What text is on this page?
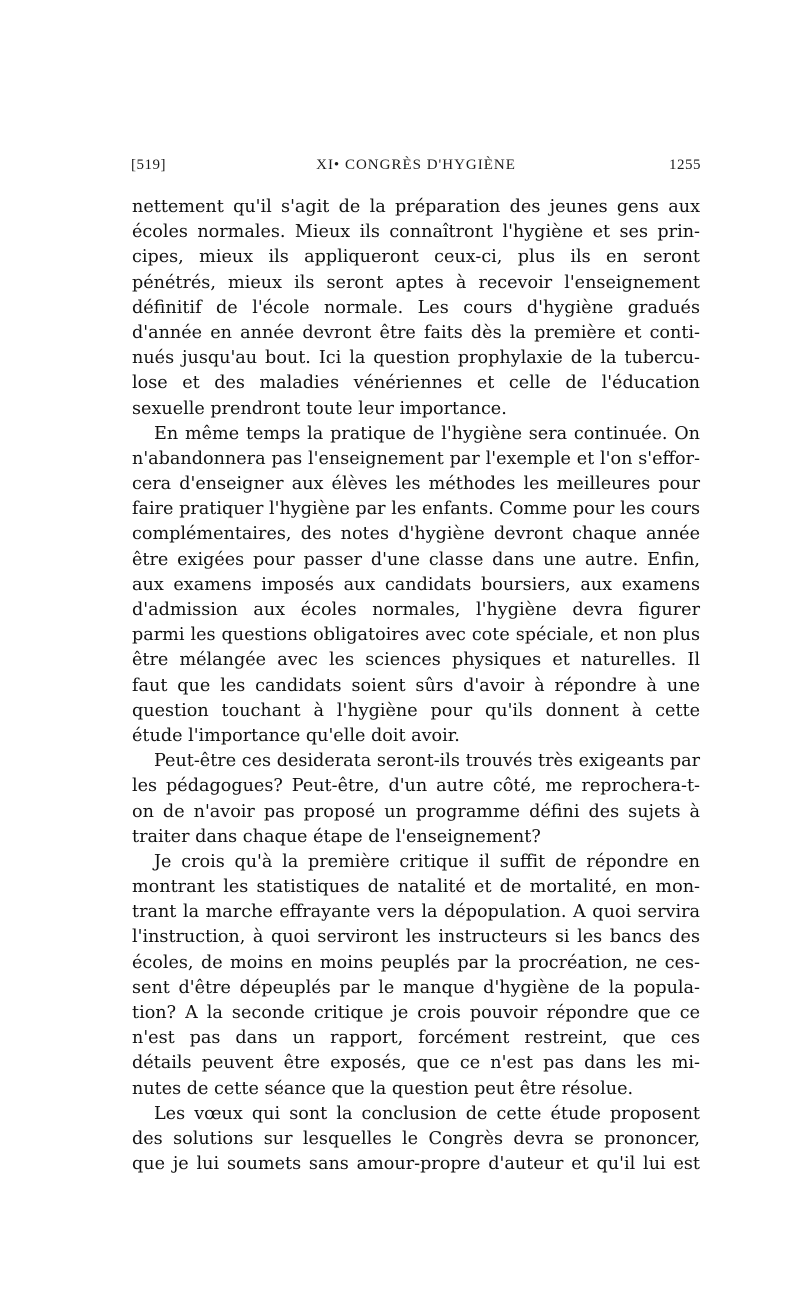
[519]	XI• CONGRÈS D'HYGIÈNE	1255
nettement qu'il s'agit de la préparation des jeunes gens aux
écoles normales. Mieux ils connaîtront l'hygiène et ses prin-
cipes, mieux ils appliqueront ceux-ci, plus ils en seront
pénétrés, mieux ils seront aptes à recevoir l'enseignement
définitif de l'école normale. Les cours d'hygiène gradués
d'année en année devront être faits dès la première et conti-
nués jusqu'au bout. Ici la question prophylaxie de la tubercu-
lose et des maladies vénériennes et celle de l'éducation
sexuelle prendront toute leur importance.
En même temps la pratique de l'hygiène sera continuée. On
n'abandonnera pas l'enseignement par l'exemple et l'on s'effor-
cera d'enseigner aux élèves les méthodes les meilleures pour
faire pratiquer l'hygiène par les enfants. Comme pour les cours
complémentaires, des notes d'hygiène devront chaque année
être exigées pour passer d'une classe dans une autre. Enfin,
aux examens imposés aux candidats boursiers, aux examens
d'admission aux écoles normales, l'hygiène devra figurer
parmi les questions obligatoires avec cote spéciale, et non plus
être mélangée avec les sciences physiques et naturelles. Il
faut que les candidats soient sûrs d'avoir à répondre à une
question touchant à l'hygiène pour qu'ils donnent à cette
étude l'importance qu'elle doit avoir.
Peut-être ces desiderata seront-ils trouvés très exigeants par
les pédagogues? Peut-être, d'un autre côté, me reprochera-t-
on de n'avoir pas proposé un programme défini des sujets à
traiter dans chaque étape de l'enseignement?
Je crois qu'à la première critique il suffit de répondre en
montrant les statistiques de natalité et de mortalité, en mon-
trant la marche effrayante vers la dépopulation. A quoi servira
l'instruction, à quoi serviront les instructeurs si les bancs des
écoles, de moins en moins peuplés par la procréation, ne ces-
sent d'être dépeuplés par le manque d'hygiène de la popula-
tion? A la seconde critique je crois pouvoir répondre que ce
n'est pas dans un rapport, forcément restreint, que ces
détails peuvent être exposés, que ce n'est pas dans les mi-
nutes de cette séance que la question peut être résolue.
Les vœux qui sont la conclusion de cette étude proposent
des solutions sur lesquelles le Congrès devra se prononcer,
que je lui soumets sans amour-propre d'auteur et qu'il lui est
